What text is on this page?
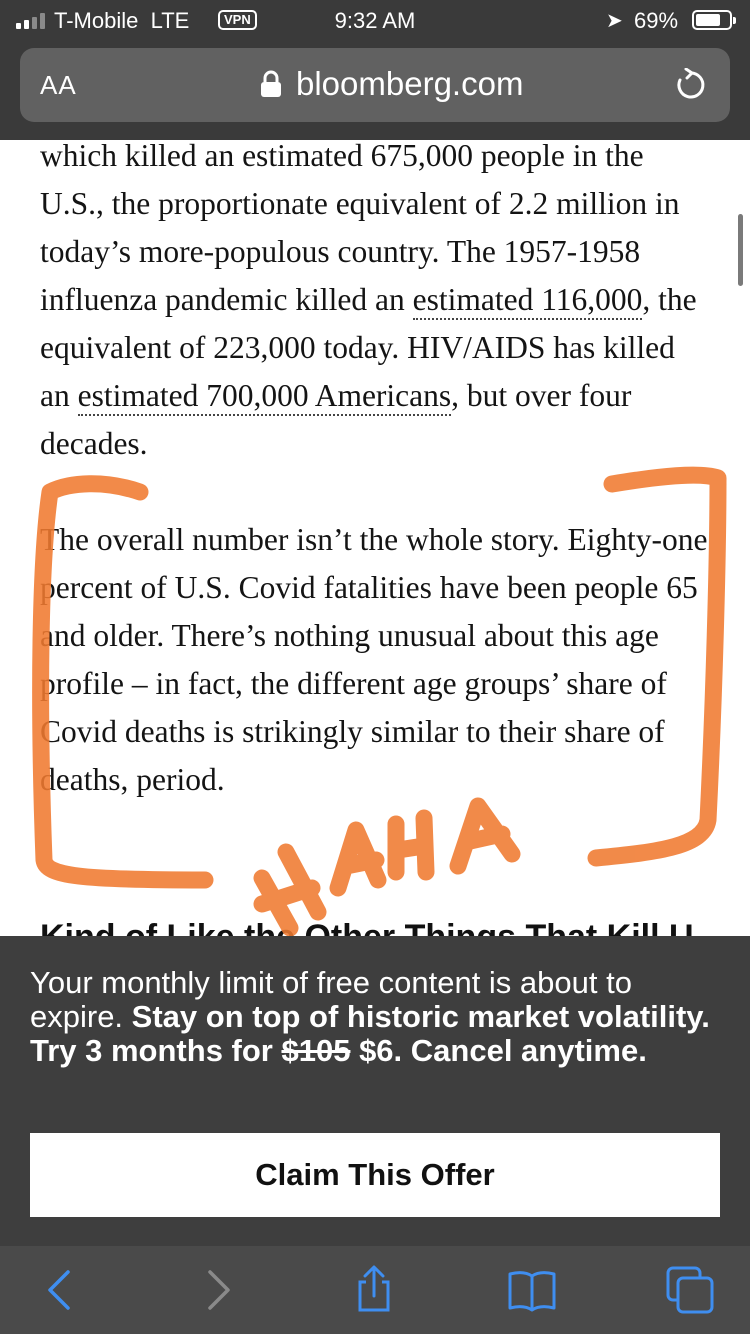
T-Mobile LTE	VPN	9:32 AM	➤ 69%
AA	bloomberg.com

which killed an estimated 675,000 people in the U.S., the proportionate equivalent of 2.2 million in today’s more-populous country. The 1957-1958 influenza pandemic killed an estimated 116,000, the equivalent of 223,000 today. HIV/AIDS has killed an estimated 700,000 Americans, but over four decades.

The overall number isn’t the whole story. Eighty-one percent of U.S. Covid fatalities have been people 65 and older. There’s nothing unusual about this age profile – in fact, the different age groups’ share of Covid deaths is strikingly similar to their share of deaths, period.

Your monthly limit of free content is about to expire. Stay on top of historic market volatility. Try 3 months for $105 $6. Cancel anytime.
Claim This Offer
